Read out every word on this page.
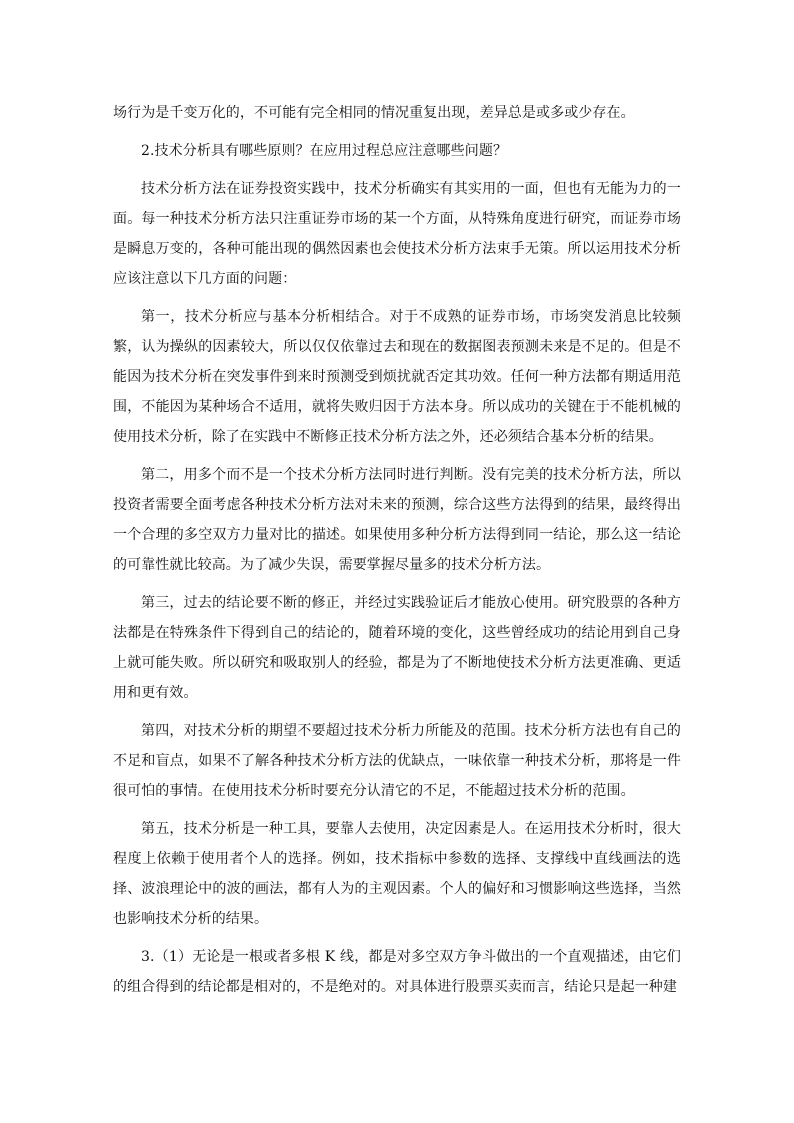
场行为是千变万化的，不可能有完全相同的情况重复出现，差异总是或多或少存在。

2.技术分析具有哪些原则？在应用过程总应注意哪些问题？

技术分析方法在证券投资实践中，技术分析确实有其实用的一面，但也有无能为力的一面。每一种技术分析方法只注重证券市场的某一个方面，从特殊角度进行研究，而证券市场是瞬息万变的，各种可能出现的偶然因素也会使技术分析方法束手无策。所以运用技术分析应该注意以下几方面的问题：

第一，技术分析应与基本分析相结合。对于不成熟的证券市场，市场突发消息比较频繁，认为操纵的因素较大，所以仅仅依靠过去和现在的数据图表预测未来是不足的。但是不能因为技术分析在突发事件到来时预测受到烦扰就否定其功效。任何一种方法都有期适用范围，不能因为某种场合不适用，就将失败归因于方法本身。所以成功的关键在于不能机械的使用技术分析，除了在实践中不断修正技术分析方法之外，还必须结合基本分析的结果。

第二，用多个而不是一个技术分析方法同时进行判断。没有完美的技术分析方法，所以投资者需要全面考虑各种技术分析方法对未来的预测，综合这些方法得到的结果，最终得出一个合理的多空双方力量对比的描述。如果使用多种分析方法得到同一结论，那么这一结论的可靠性就比较高。为了减少失误，需要掌握尽量多的技术分析方法。

第三，过去的结论要不断的修正，并经过实践验证后才能放心使用。研究股票的各种方法都是在特殊条件下得到自己的结论的，随着环境的变化，这些曾经成功的结论用到自己身上就可能失败。所以研究和吸取别人的经验，都是为了不断地使技术分析方法更准确、更适用和更有效。

第四，对技术分析的期望不要超过技术分析力所能及的范围。技术分析方法也有自己的不足和盲点，如果不了解各种技术分析方法的优缺点，一味依靠一种技术分析，那将是一件很可怕的事情。在使用技术分析时要充分认清它的不足，不能超过技术分析的范围。

第五，技术分析是一种工具，要靠人去使用，决定因素是人。在运用技术分析时，很大程度上依赖于使用者个人的选择。例如，技术指标中参数的选择、支撑线中直线画法的选择、波浪理论中的波的画法，都有人为的主观因素。个人的偏好和习惯影响这些选择，当然也影响技术分析的结果。

3.（1）无论是一根或者多根 K 线，都是对多空双方争斗做出的一个直观描述，由它们的组合得到的结论都是相对的，不是绝对的。对具体进行股票买卖而言，结论只是起一种建
